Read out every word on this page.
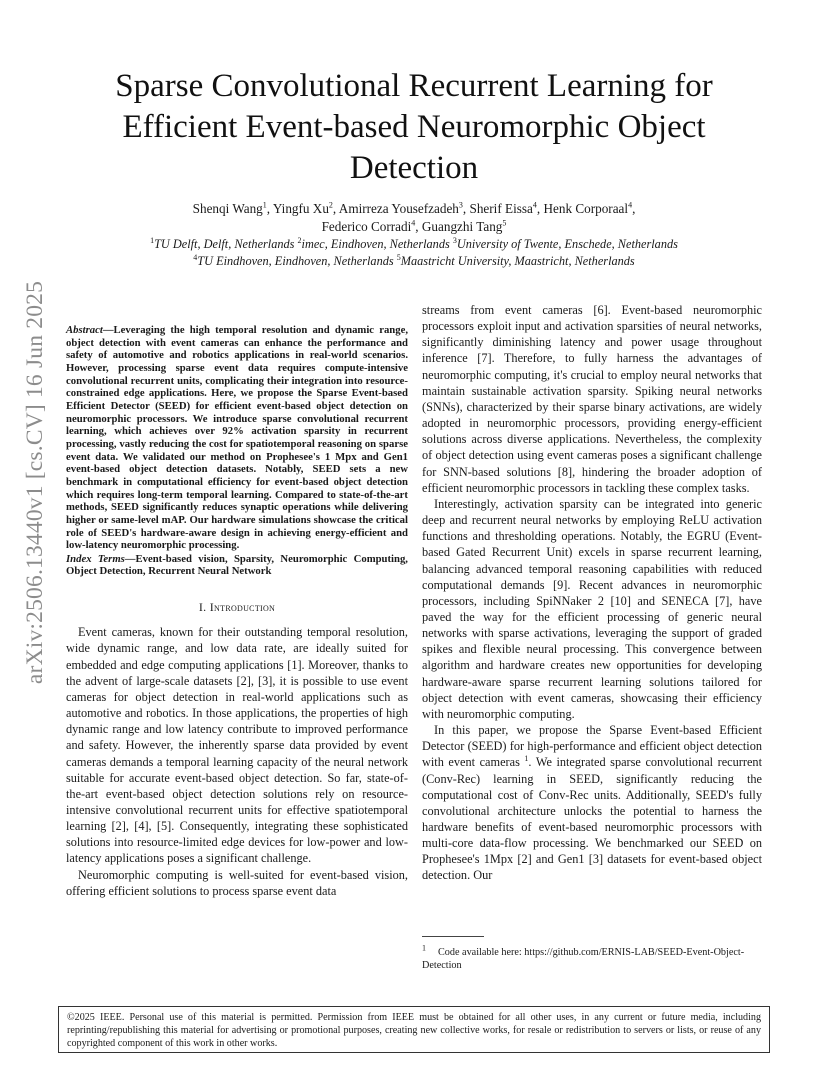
arXiv:2506.13440v1 [cs.CV] 16 Jun 2025
Sparse Convolutional Recurrent Learning for Efficient Event-based Neuromorphic Object Detection
Shenqi Wang$^1$, Yingfu Xu$^2$, Amirreza Yousefzadeh$^3$, Sherif Eissa$^4$, Henk Corporaal$^4$,
Federico Corradi$^4$, Guangzhi Tang$^5$
$^1$TU Delft, Delft, Netherlands $^2$imec, Eindhoven, Netherlands $^3$University of Twente, Enschede, Netherlands
$^4$TU Eindhoven, Eindhoven, Netherlands $^5$Maastricht University, Maastricht, Netherlands

Abstract—Leveraging the high temporal resolution and dynamic range, object detection with event cameras can enhance the performance and safety of automotive and robotics applications in real-world scenarios. However, processing sparse event data requires compute-intensive convolutional recurrent units, complicating their integration into resource-constrained edge applications. Here, we propose the Sparse Event-based Efficient Detector (SEED) for efficient event-based object detection on neuromorphic processors. We introduce sparse convolutional recurrent learning, which achieves over 92% activation sparsity in recurrent processing, vastly reducing the cost for spatiotemporal reasoning on sparse event data. We validated our method on Prophesee's 1 Mpx and Gen1 event-based object detection datasets. Notably, SEED sets a new benchmark in computational efficiency for event-based object detection which requires long-term temporal learning. Compared to state-of-the-art methods, SEED significantly reduces synaptic operations while delivering higher or same-level mAP. Our hardware simulations showcase the critical role of SEED's hardware-aware design in achieving energy-efficient and low-latency neuromorphic processing.

Index Terms—Event-based vision, Sparsity, Neuromorphic Computing, Object Detection, Recurrent Neural Network

I. Introduction

Event cameras, known for their outstanding temporal resolution, wide dynamic range, and low data rate, are ideally suited for embedded and edge computing applications [1]. Moreover, thanks to the advent of large-scale datasets [2], [3], it is possible to use event cameras for object detection in real-world applications such as automotive and robotics. In those applications, the properties of high dynamic range and low latency contribute to improved performance and safety. However, the inherently sparse data provided by event cameras demands a temporal learning capacity of the neural network suitable for accurate event-based object detection. So far, state-of-the-art event-based object detection solutions rely on resource-intensive convolutional recurrent units for effective spatiotemporal learning [2], [4], [5]. Consequently, integrating these sophisticated solutions into resource-limited edge devices for low-power and low-latency applications poses a significant challenge.

Neuromorphic computing is well-suited for event-based vision, offering efficient solutions to process sparse event data

streams from event cameras [6]. Event-based neuromorphic processors exploit input and activation sparsities of neural networks, significantly diminishing latency and power usage throughout inference [7]. Therefore, to fully harness the advantages of neuromorphic computing, it's crucial to employ neural networks that maintain sustainable activation sparsity. Spiking neural networks (SNNs), characterized by their sparse binary activations, are widely adopted in neuromorphic processors, providing energy-efficient solutions across diverse applications. Nevertheless, the complexity of object detection using event cameras poses a significant challenge for SNN-based solutions [8], hindering the broader adoption of efficient neuromorphic processors in tackling these complex tasks.

Interestingly, activation sparsity can be integrated into generic deep and recurrent neural networks by employing ReLU activation functions and thresholding operations. Notably, the EGRU (Event-based Gated Recurrent Unit) excels in sparse recurrent learning, balancing advanced temporal reasoning capabilities with reduced computational demands [9]. Recent advances in neuromorphic processors, including SpiNNaker 2 [10] and SENECA [7], have paved the way for the efficient processing of generic neural networks with sparse activations, leveraging the support of graded spikes and flexible neural processing. This convergence between algorithm and hardware creates new opportunities for developing hardware-aware sparse recurrent learning solutions tailored for object detection with event cameras, showcasing their efficiency with neuromorphic computing.

In this paper, we propose the Sparse Event-based Efficient Detector (SEED) for high-performance and efficient object detection with event cameras $^1$. We integrated sparse convolutional recurrent (Conv-Rec) learning in SEED, significantly reducing the computational cost of Conv-Rec units. Additionally, SEED's fully convolutional architecture unlocks the potential to harness the hardware benefits of event-based neuromorphic processors with multi-core data-flow processing. We benchmarked our SEED on Prophesee's 1Mpx [2] and Gen1 [3] datasets for event-based object detection. Our

$^1$ Code available here: https://github.com/ERNIS-LAB/SEED-Event-Object-Detection
©2025 IEEE. Personal use of this material is permitted. Permission from IEEE must be obtained for all other uses, in any current or future media, including reprinting/republishing this material for advertising or promotional purposes, creating new collective works, for resale or redistribution to servers or lists, or reuse of any copyrighted component of this work in other works.
